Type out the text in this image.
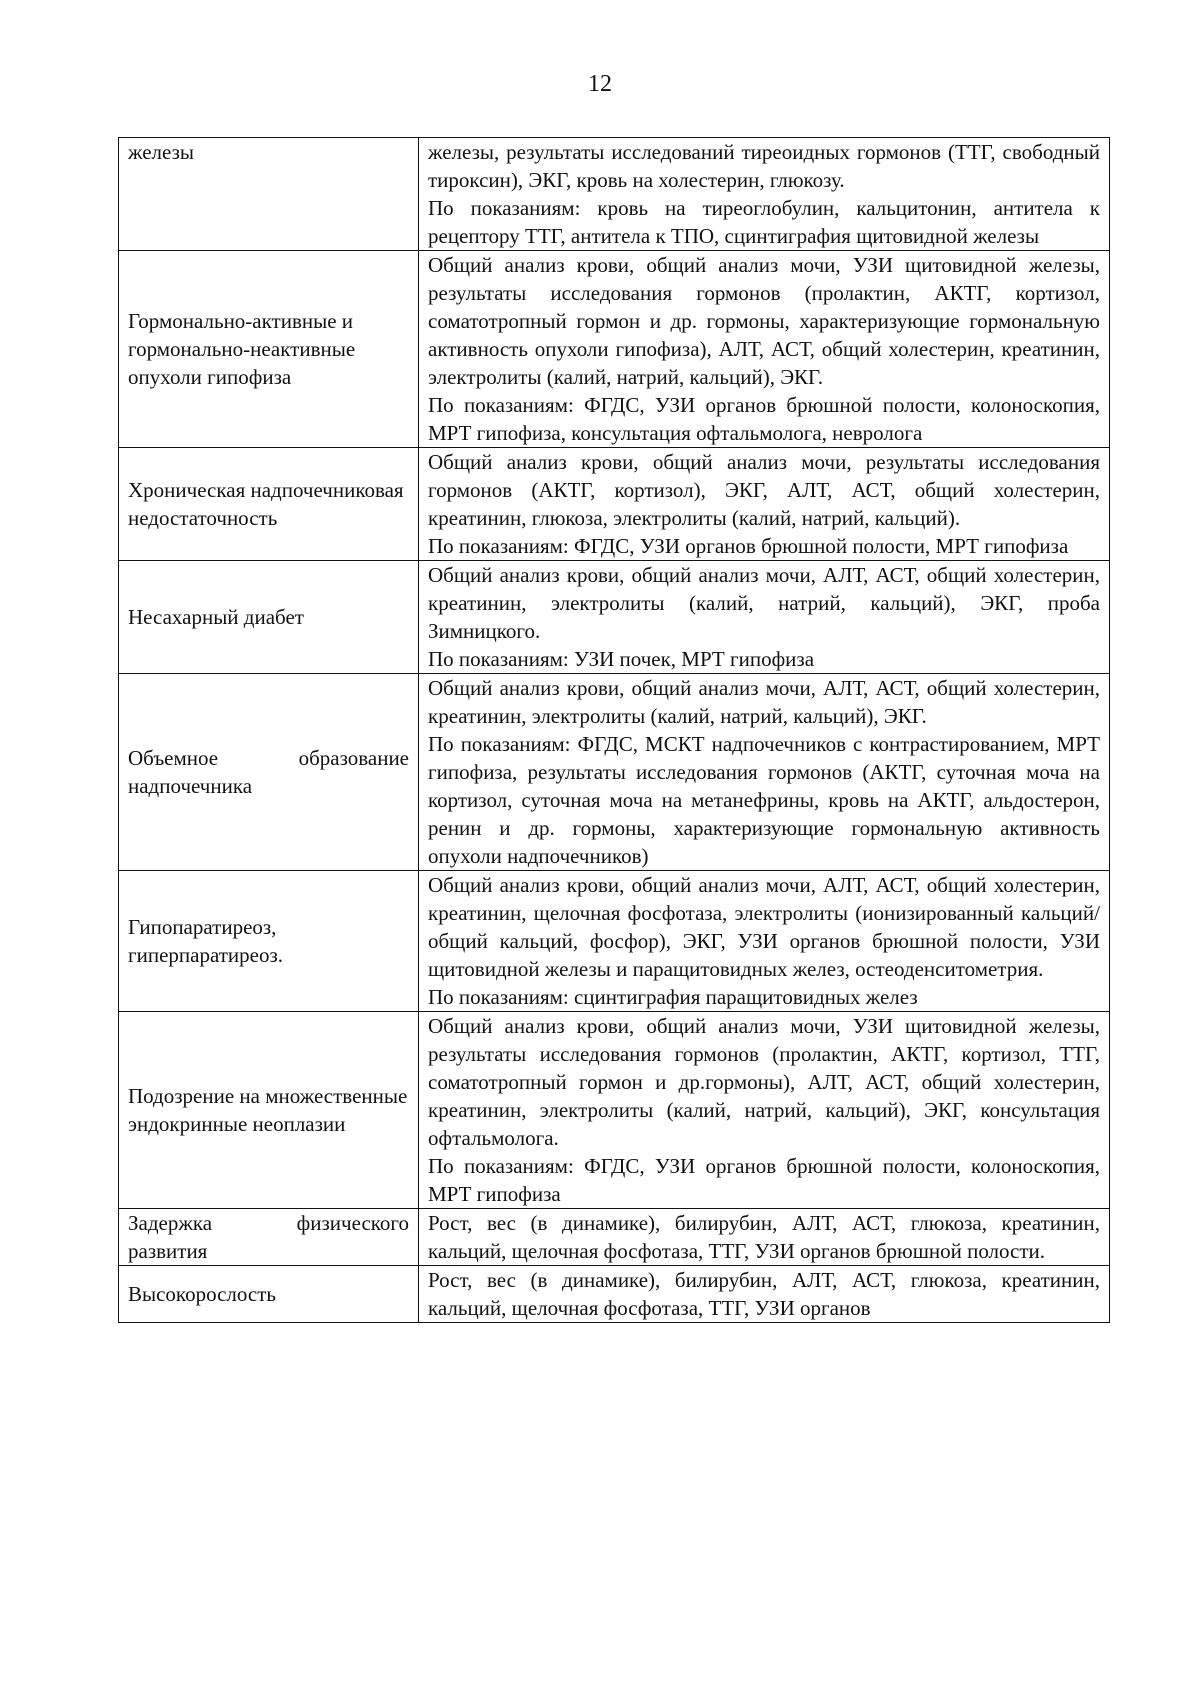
12
железы	железы, результаты исследований тиреоидных гормонов (ТТГ, свободный тироксин), ЭКГ, кровь на холестерин, глюкозу.
По показаниям: кровь на тиреоглобулин, кальцитонин, антитела к рецептору ТТГ, антитела к ТПО, сцинтиграфия щитовидной железы

Гормонально-активные и гормонально-неактивные опухоли гипофиза	Общий анализ крови, общий анализ мочи, УЗИ щитовидной железы, результаты исследования гормонов (пролактин, АКТГ, кортизол, соматотропный гормон и др. гормоны, характеризующие гормональную активность опухоли гипофиза), АЛТ, АСТ, общий холестерин, креатинин, электролиты (калий, натрий, кальций), ЭКГ.
По показаниям: ФГДС, УЗИ органов брюшной полости, колоноскопия, МРТ гипофиза, консультация офтальмолога, невролога

Хроническая надпочечниковая недостаточность	Общий анализ крови, общий анализ мочи, результаты исследования гормонов (АКТГ, кортизол), ЭКГ, АЛТ, АСТ, общий холестерин, креатинин, глюкоза, электролиты (калий, натрий, кальций).
По показаниям: ФГДС, УЗИ органов брюшной полости, МРТ гипофиза

Несахарный диабет	Общий анализ крови, общий анализ мочи, АЛТ, АСТ, общий холестерин, креатинин, электролиты (калий, натрий, кальций), ЭКГ, проба Зимницкого.
По показаниям: УЗИ почек, МРТ гипофиза

Объемное образование надпочечника	Общий анализ крови, общий анализ мочи, АЛТ, АСТ, общий холестерин, креатинин, электролиты (калий, натрий, кальций), ЭКГ.
По показаниям: ФГДС, МСКТ надпочечников с контрастированием, МРТ гипофиза, результаты исследования гормонов (АКТГ, суточная моча на кортизол, суточная моча на метанефрины, кровь на АКТГ, альдостерон, ренин и др. гормоны, характеризующие гормональную активность опухоли надпочечников)

Гипопаратиреоз, гиперпаратиреоз.	Общий анализ крови, общий анализ мочи, АЛТ, АСТ, общий холестерин, креатинин, щелочная фосфотаза, электролиты (ионизированный кальций/общий кальций, фосфор), ЭКГ, УЗИ органов брюшной полости, УЗИ щитовидной железы и паращитовидных желез, остеоденситометрия.
По показаниям: сцинтиграфия паращитовидных желез

Подозрение на множественные эндокринные неоплазии	Общий анализ крови, общий анализ мочи, УЗИ щитовидной железы, результаты исследования гормонов (пролактин, АКТГ, кортизол, ТТГ, соматотропный гормон и др.гормоны), АЛТ, АСТ, общий холестерин, креатинин, электролиты (калий, натрий, кальций), ЭКГ, консультация офтальмолога.
По показаниям: ФГДС, УЗИ органов брюшной полости, колоноскопия, МРТ гипофиза

Задержка физического развития	Рост, вес (в динамике), билирубин, АЛТ, АСТ, глюкоза, креатинин, кальций, щелочная фосфотаза, ТТГ, УЗИ органов брюшной полости.

Высокорослость	Рост, вес (в динамике), билирубин, АЛТ, АСТ, глюкоза, креатинин, кальций, щелочная фосфотаза, ТТГ, УЗИ органов
